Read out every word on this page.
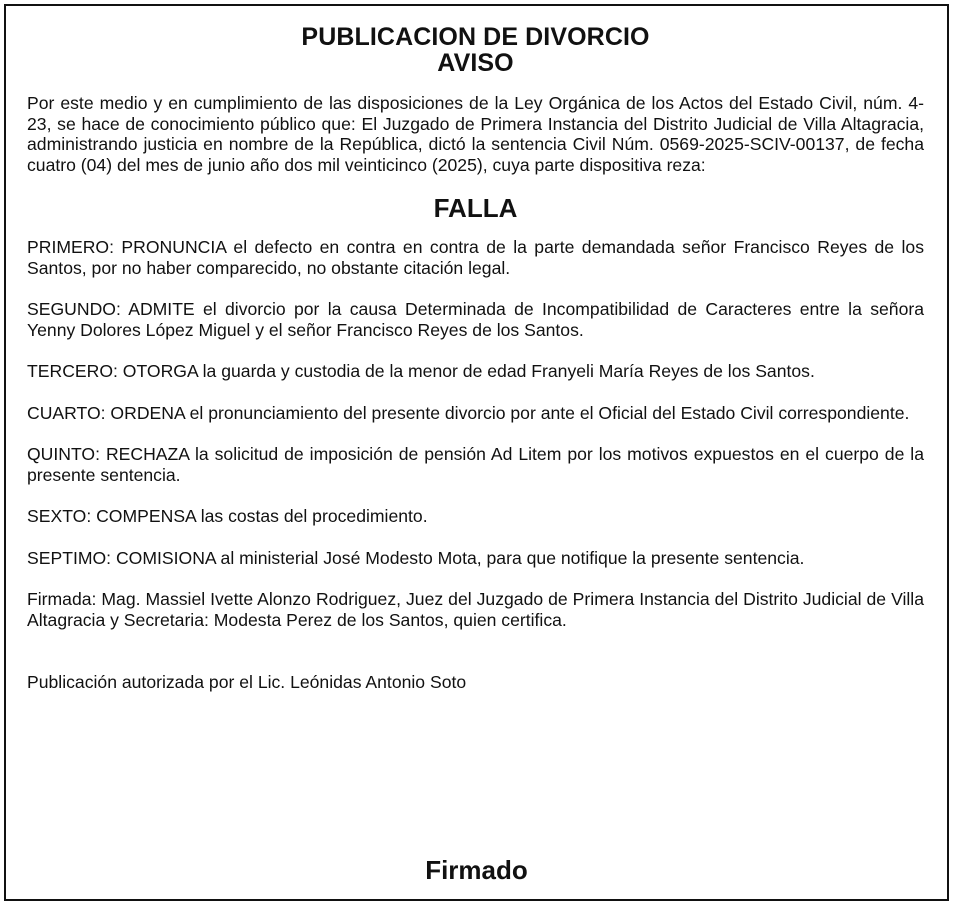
PUBLICACION DE DIVORCIO
AVISO

Por este medio y en cumplimiento de las disposiciones de la Ley Orgánica de los Actos del Estado Civil, núm. 4-23, se hace de conocimiento público que: El Juzgado de Primera Instancia del Distrito Judicial de Villa Altagracia, administrando justicia en nombre de la República, dictó la sentencia Civil Núm. 0569-2025-SCIV-00137, de fecha cuatro (04) del mes de junio año dos mil veinticinco (2025), cuya parte dispositiva reza:

FALLA

PRIMERO: PRONUNCIA el defecto en contra en contra de la parte demandada señor Francisco Reyes de los Santos, por no haber comparecido, no obstante citación legal.

SEGUNDO: ADMITE el divorcio por la causa Determinada de Incompatibilidad de Caracteres entre la señora Yenny Dolores López Miguel y el señor Francisco Reyes de los Santos.

TERCERO: OTORGA la guarda y custodia de la menor de edad Franyeli María Reyes de los Santos.

CUARTO: ORDENA el pronunciamiento del presente divorcio por ante el Oficial del Estado Civil correspondiente.

QUINTO: RECHAZA la solicitud de imposición de pensión Ad Litem por los motivos expuestos en el cuerpo de la presente sentencia.

SEXTO: COMPENSA las costas del procedimiento.

SEPTIMO: COMISIONA al ministerial José Modesto Mota, para que notifique la presente sentencia.

Firmada: Mag. Massiel Ivette Alonzo Rodriguez, Juez del Juzgado de Primera Instancia del Distrito Judicial de Villa Altagracia y Secretaria: Modesta Perez de los Santos, quien certifica.

Publicación autorizada por el Lic. Leónidas Antonio Soto

Firmado
